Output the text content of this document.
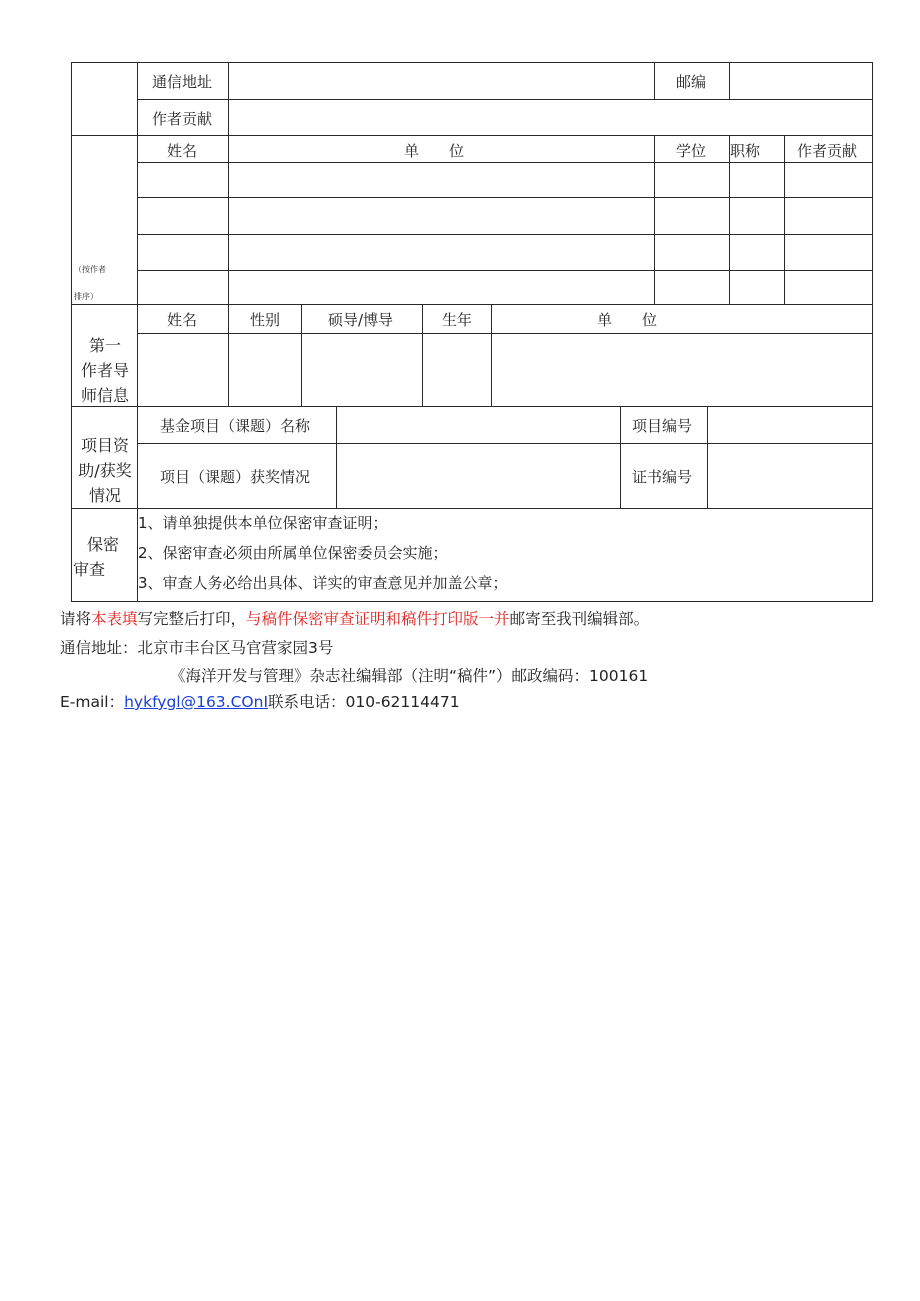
通信地址	邮编
作者贡献
（按作者
排序）
姓名	单　　位	学位 职称 作者贡献
第一
作者导
师信息
姓名	性别	硕导/博导	生年	单　　位
项目资
助/获奖
情况
基金项目（课题）名称	项目编号
项目（课题）获奖情况	证书编号
保密
审查
1、请单独提供本单位保密审查证明；
2、保密审查必须由所属单位保密委员会实施；
3、审查人务必给出具体、详实的审查意见并加盖公章；
请将本表填写完整后打印，与稿件保密审查证明和稿件打印版一并邮寄至我刊编辑部。
通信地址：北京市丰台区马官营家园3号
《海洋开发与管理》杂志社编辑部（注明“稿件”）邮政编码：100161
E-mail：hykfygl@163.COnI联系电话：010-62114471
